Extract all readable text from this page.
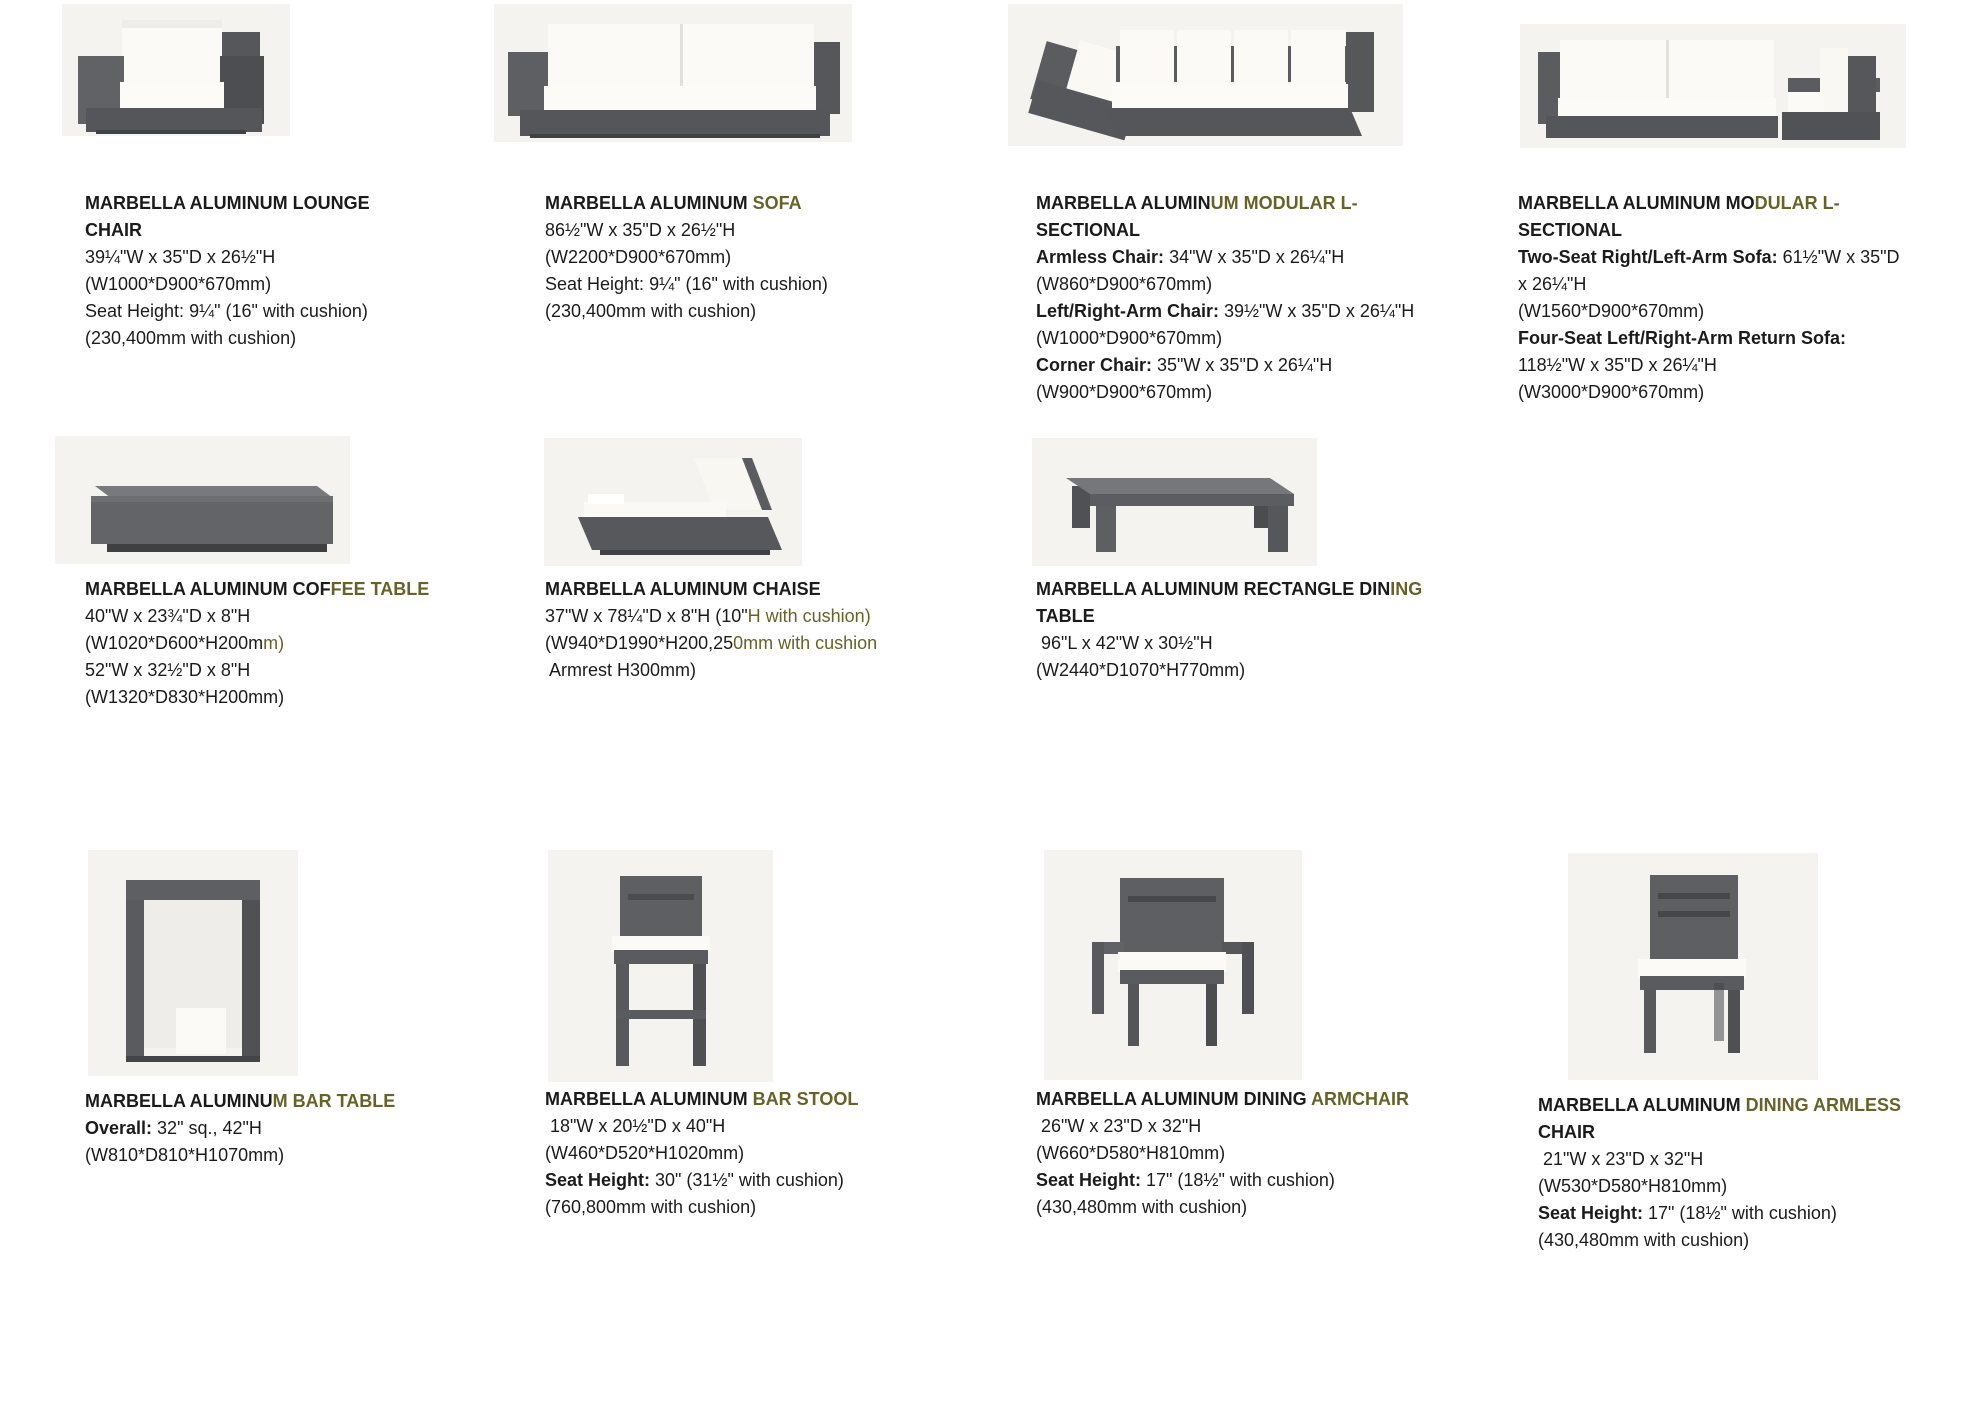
MARBELLA ALUMINUM LOUNGE
CHAIR
39¼"W x 35"D x 26½"H
(W1000*D900*670mm)
Seat Height: 9¼" (16" with cushion)
(230,400mm with cushion)
MARBELLA ALUMINUM SOFA
86½"W x 35"D x 26½"H
(W2200*D900*670mm)
Seat Height: 9¼" (16" with cushion)
(230,400mm with cushion)
MARBELLA ALUMINUM MODULAR L-
SECTIONAL
Armless Chair: 34"W x 35"D x 26¼"H
(W860*D900*670mm)
Left/Right-Arm Chair: 39½"W x 35"D x 26¼"H
(W1000*D900*670mm)
Corner Chair: 35"W x 35"D x 26¼"H
(W900*D900*670mm)
MARBELLA ALUMINUM MODULAR L-
SECTIONAL
Two-Seat Right/Left-Arm Sofa: 61½"W x 35"D
x 26¼"H
(W1560*D900*670mm)
Four-Seat Left/Right-Arm Return Sofa:
118½"W x 35"D x 26¼"H
(W3000*D900*670mm)
MARBELLA ALUMINUM COFFEE TABLE
40"W x 23¾"D x 8"H
(W1020*D600*H200mm)
52"W x 32½"D x 8"H
(W1320*D830*H200mm)
MARBELLA ALUMINUM CHAISE
37"W x 78¼"D x 8"H (10"H with cushion)
(W940*D1990*H200,250mm with cushion
Armrest H300mm)
MARBELLA ALUMINUM RECTANGLE DINING
TABLE
96"L x 42"W x 30½"H
(W2440*D1070*H770mm)
MARBELLA ALUMINUM BAR TABLE
Overall: 32" sq., 42"H
(W810*D810*H1070mm)
MARBELLA ALUMINUM BAR STOOL
18"W x 20½"D x 40"H
(W460*D520*H1020mm)
Seat Height: 30" (31½" with cushion)
(760,800mm with cushion)
MARBELLA ALUMINUM DINING ARMCHAIR
26"W x 23"D x 32"H
(W660*D580*H810mm)
Seat Height: 17" (18½" with cushion)
(430,480mm with cushion)
MARBELLA ALUMINUM DINING ARMLESS
CHAIR
21"W x 23"D x 32"H
(W530*D580*H810mm)
Seat Height: 17" (18½" with cushion)
(430,480mm with cushion)
